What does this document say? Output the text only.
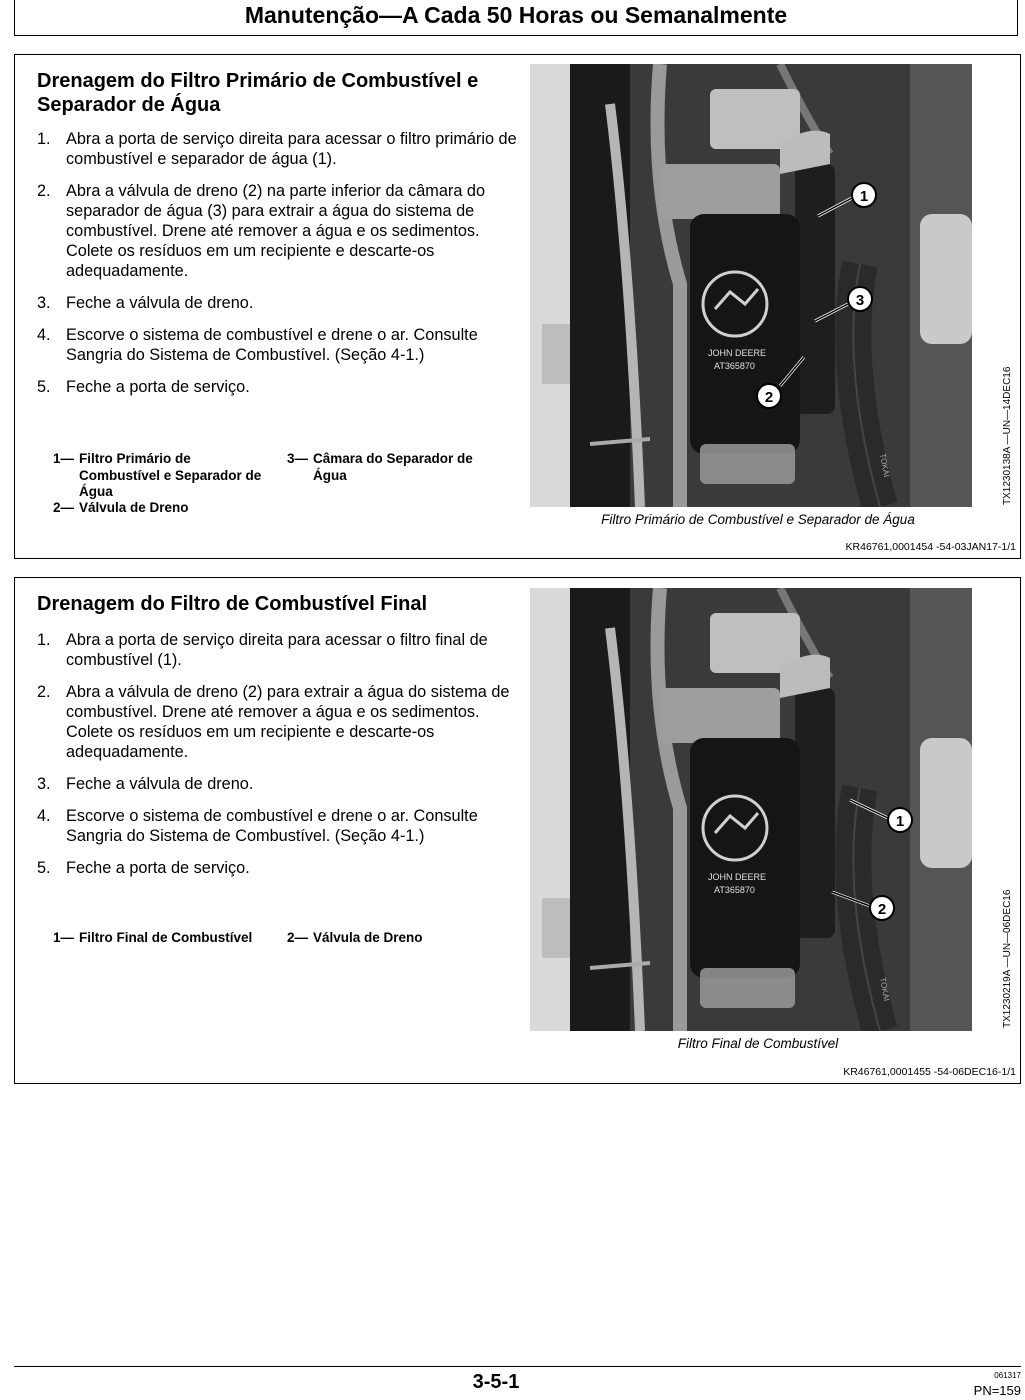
Manutenção—A Cada 50 Horas ou Semanalmente
Drenagem do Filtro Primário de Combustível e Separador de Água
1. Abra a porta de serviço direita para acessar o filtro primário de combustível e separador de água (1).
2. Abra a válvula de dreno (2) na parte inferior da câmara do separador de água (3) para extrair a água do sistema de combustível. Drene até remover a água e os sedimentos. Colete os resíduos em um recipiente e descarte-os adequadamente.
3. Feche a válvula de dreno.
4. Escorve o sistema de combustível e drene o ar. Consulte Sangria do Sistema de Combustível. (Seção 4-1.)
5. Feche a porta de serviço.
1— Filtro Primário de Combustível e Separador de Água
2— Válvula de Dreno
3— Câmara do Separador de Água
JOHN DEERE
AT365870
TOKAI
1
3
2
Filtro Primário de Combustível e Separador de Água
TX1230138A —UN—14DEC16
KR46761,0001454 -54-03JAN17-1/1
Drenagem do Filtro de Combustível Final
1. Abra a porta de serviço direita para acessar o filtro final de combustível (1).
2. Abra a válvula de dreno (2) para extrair a água do sistema de combustível. Drene até remover a água e os sedimentos. Colete os resíduos em um recipiente e descarte-os adequadamente.
3. Feche a válvula de dreno.
4. Escorve o sistema de combustível e drene o ar. Consulte Sangria do Sistema de Combustível. (Seção 4-1.)
5. Feche a porta de serviço.
1— Filtro Final de Combustível	2— Válvula de Dreno
JOHN DEERE
AT365870
TOKAI
1
2
Filtro Final de Combustível
TX1230219A —UN—06DEC16
KR46761,0001455 -54-06DEC16-1/1
3-5-1	061317
PN=159
